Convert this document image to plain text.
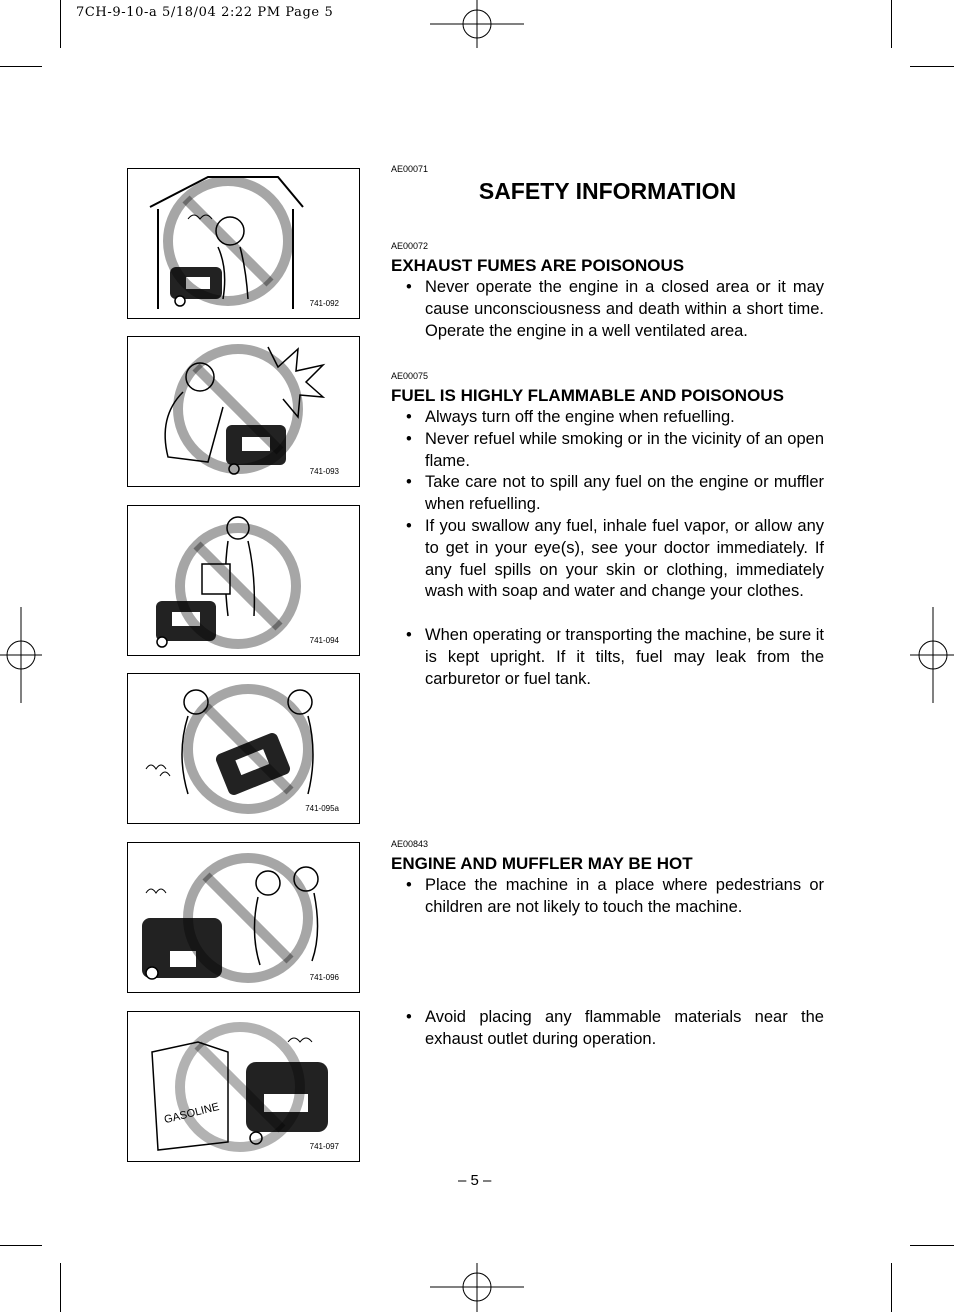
7CH-9-10-a 5/18/04 2:22 PM Page 5
741-092
741-093
741-094
741-095a
741-096
GASOLINE
741-097
AE00071
SAFETY INFORMATION
AE00072
EXHAUST FUMES ARE POISONOUS
• Never operate the engine in a closed area or it may cause unconsciousness and death within a short time. Operate the engine in a well ventilated area.
AE00075
FUEL IS HIGHLY FLAMMABLE AND POISONOUS
• Always turn off the engine when refuelling.
• Never refuel while smoking or in the vicinity of an open flame.
• Take care not to spill any fuel on the engine or muffler when refuelling.
• If you swallow any fuel, inhale fuel vapor, or allow any to get in your eye(s), see your doctor immediately. If any fuel spills on your skin or clothing, immediately wash with soap and water and change your clothes.
• When operating or transporting the machine, be sure it is kept upright. If it tilts, fuel may leak from the carburetor or fuel tank.
AE00843
ENGINE AND MUFFLER MAY BE HOT
• Place the machine in a place where pedestrians or children are not likely to touch the machine.
• Avoid placing any flammable materials near the exhaust outlet during operation.
– 5 –
